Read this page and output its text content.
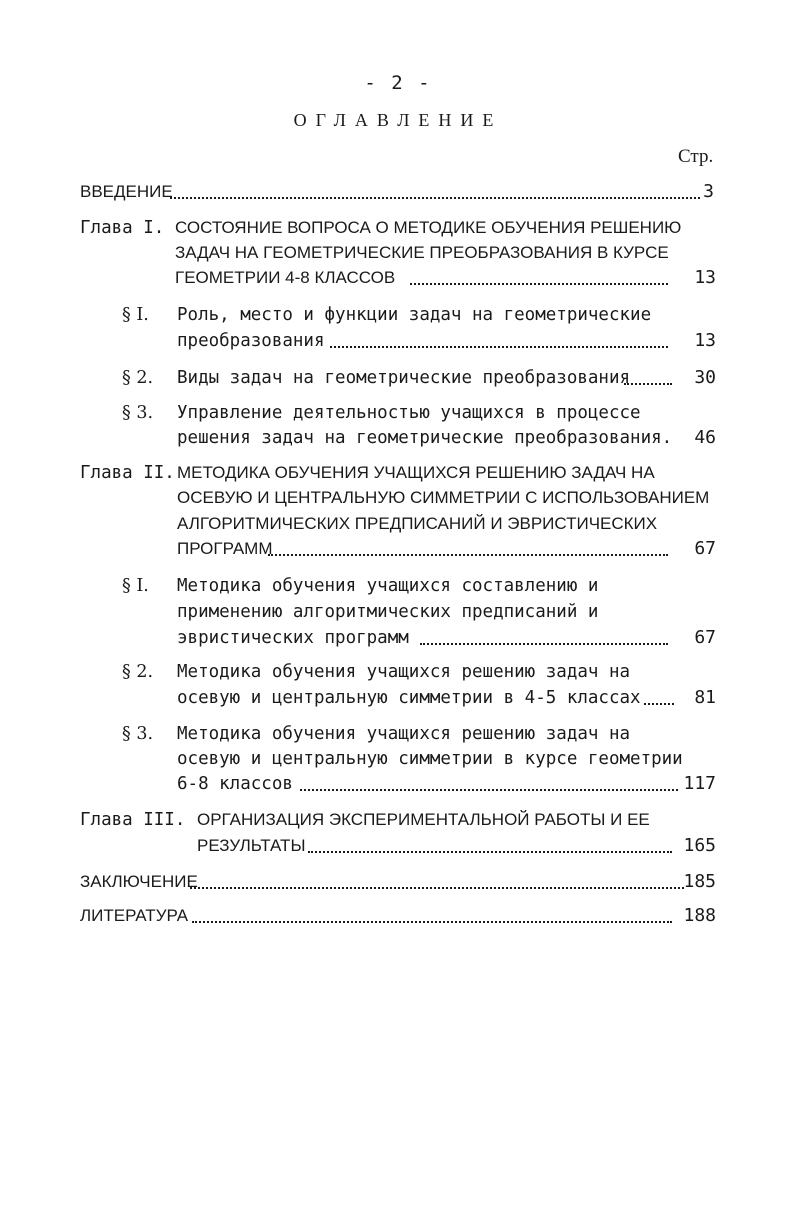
- 2 -
ОГЛАВЛЕНИЕ
Стр.
ВВЕДЕНИЕ	3
Глава I. СОСТОЯНИЕ ВОПРОСА О МЕТОДИКЕ ОБУЧЕНИЯ РЕШЕНИЮ
ЗАДАЧ НА ГЕОМЕТРИЧЕСКИЕ ПРЕОБРАЗОВАНИЯ В КУРСЕ
ГЕОМЕТРИИ 4-8 КЛАССОВ	13
§ I. Роль, место и функции задач на геометрические
преобразования	13
§ 2. Виды задач на геометрические преобразования	30
§ 3. Управление деятельностью учащихся в процессе
решения задач на геометрические преобразования.	46
Глава II. МЕТОДИКА ОБУЧЕНИЯ УЧАЩИХСЯ РЕШЕНИЮ ЗАДАЧ НА
ОСЕВУЮ И ЦЕНТРАЛЬНУЮ СИММЕТРИИ С ИСПОЛЬЗОВАНИЕМ
АЛГОРИТМИЧЕСКИХ ПРЕДПИСАНИЙ И ЭВРИСТИЧЕСКИХ
ПРОГРАММ	67
§ I. Методика обучения учащихся составлению и
применению алгоритмических предписаний и
эвристических программ	67
§ 2. Методика обучения учащихся решению задач на
осевую и центральную симметрии в 4-5 классах	81
§ 3. Методика обучения учащихся решению задач на
осевую и центральную симметрии в курсе геометрии
6-8 классов	117
Глава III. ОРГАНИЗАЦИЯ ЭКСПЕРИМЕНТАЛЬНОЙ РАБОТЫ И ЕЕ
РЕЗУЛЬТАТЫ	165
ЗАКЛЮЧЕНИЕ	185
ЛИТЕРАТУРА	188
